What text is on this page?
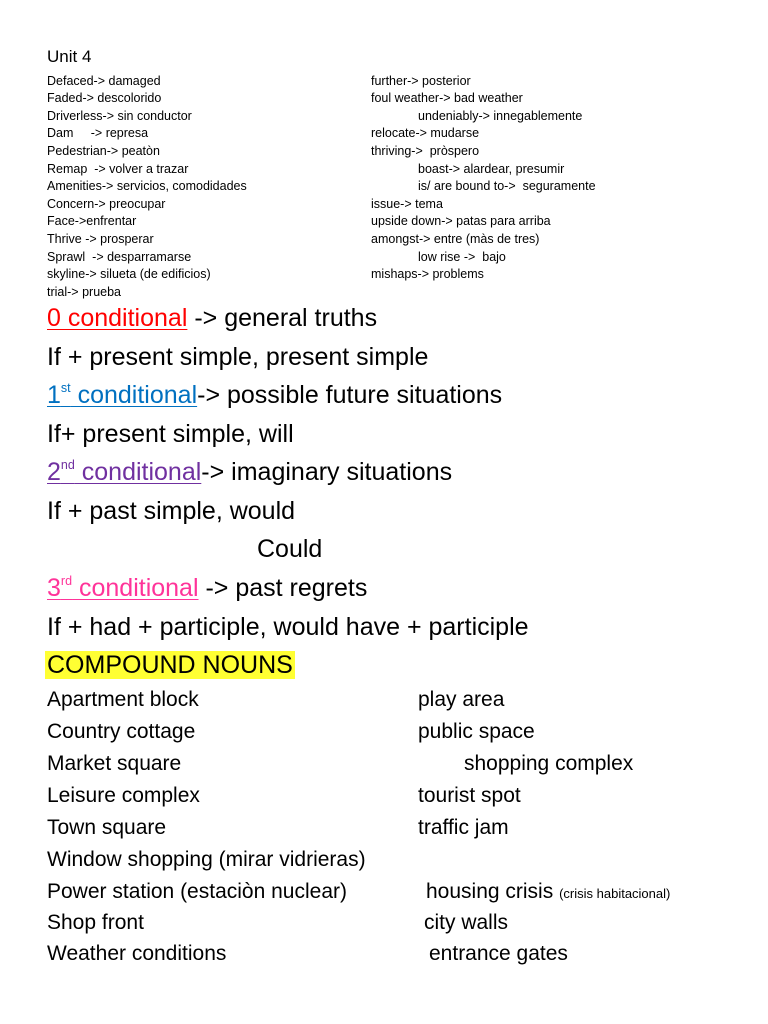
Unit 4
Defaced-> damaged
Faded-> descolorido
Driverless-> sin conductor
Dam     -> represa
Pedestrian-> peatòn
Remap  -> volver a trazar
Amenities-> servicios, comodidades
Concern-> preocupar
Face->enfrentar
Thrive -> prosperar
Sprawl  -> desparramarse
skyline-> silueta (de edificios)
trial-> prueba
further-> posterior
foul weather-> bad weather
undeniably-> innegablemente
relocate-> mudarse
thriving->  pròspero
boast-> alardear, presumir
is/ are bound to->  seguramente
issue-> tema
upside down-> patas para arriba
amongst-> entre (màs de tres)
low rise ->  bajo
mishaps-> problems
0 conditional -> general truths
If + present simple, present simple
1st conditional-> possible future situations
If+ present simple, will
2nd conditional-> imaginary situations
If + past simple, would
Could
3rd conditional -> past regrets
If + had + participle, would have + participle
COMPOUND NOUNS
Apartment block
Country cottage
Market square
Leisure complex
Town square
Window shopping (mirar vidrieras)
Power station (estaciòn nuclear)
Shop front
Weather conditions
play area
public space
shopping complex
tourist spot
traffic jam
housing crisis (crisis habitacional)
city walls
entrance gates
